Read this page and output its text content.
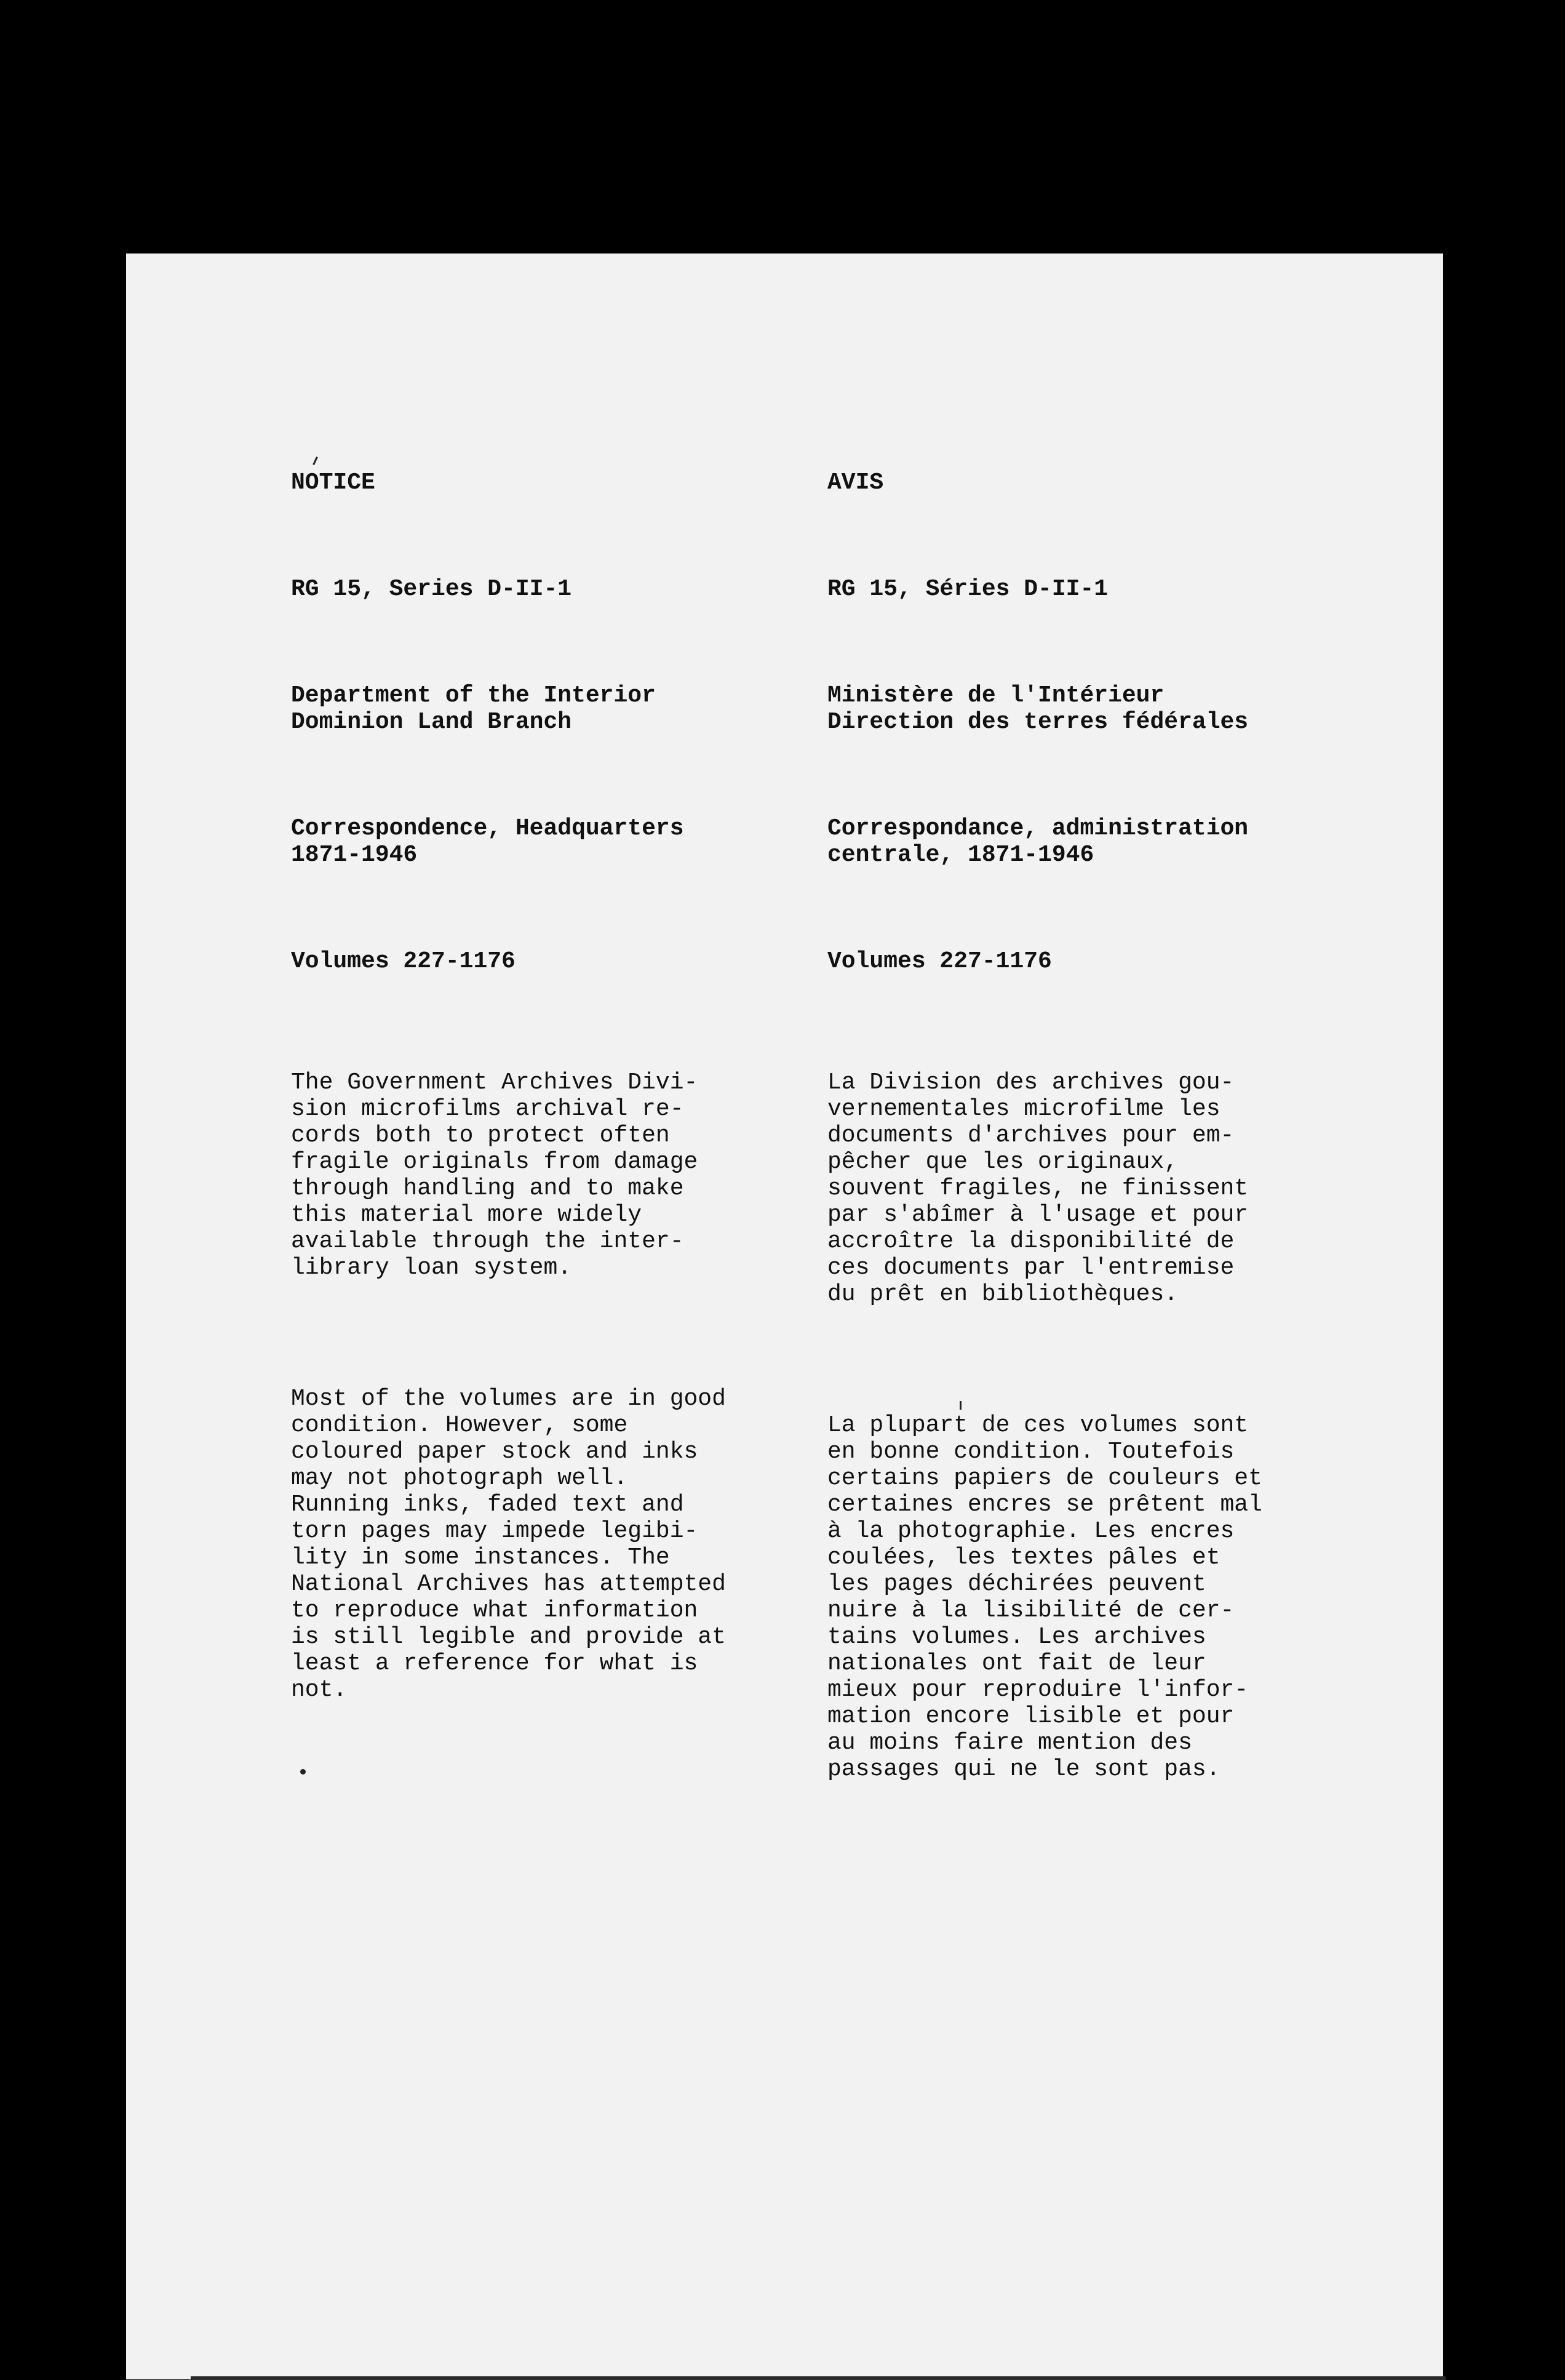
NOTICE

RG 15, Series D-II-1

Department of the Interior
Dominion Land Branch

Correspondence, Headquarters
1871-1946

Volumes 227-1176

The Government Archives Divi-
sion microfilms archival re-
cords both to protect often
fragile originals from damage
through handling and to make
this material more widely
available through the inter-
library loan system.

Most of the volumes are in good
condition. However, some
coloured paper stock and inks
may not photograph well.
Running inks, faded text and
torn pages may impede legibi-
lity in some instances. The
National Archives has attempted
to reproduce what information
is still legible and provide at
least a reference for what is
not.

AVIS

RG 15, Séries D-II-1

Ministère de l'Intérieur
Direction des terres fédérales

Correspondance, administration
centrale, 1871-1946

Volumes 227-1176

La Division des archives gou-
vernementales microfilme les
documents d'archives pour em-
pêcher que les originaux,
souvent fragiles, ne finissent
par s'abîmer à l'usage et pour
accroître la disponibilité de
ces documents par l'entremise
du prêt en bibliothèques.

La plupart de ces volumes sont
en bonne condition. Toutefois
certains papiers de couleurs et
certaines encres se prêtent mal
à la photographie. Les encres
coulées, les textes pâles et
les pages déchirées peuvent
nuire à la lisibilité de cer-
tains volumes. Les archives
nationales ont fait de leur
mieux pour reproduire l'infor-
mation encore lisible et pour
au moins faire mention des
passages qui ne le sont pas.
